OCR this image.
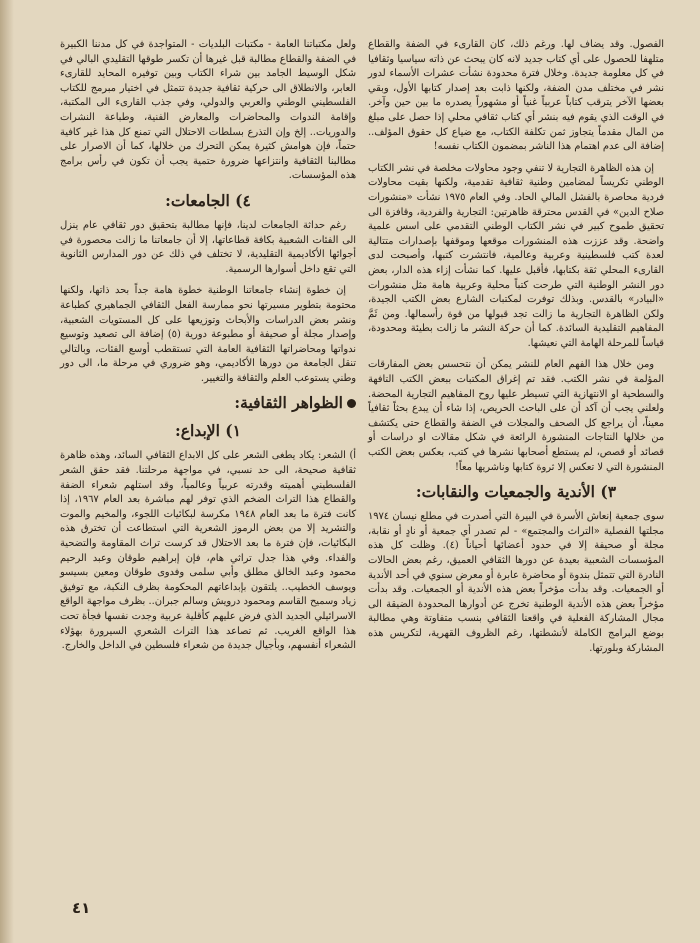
الفصول. وقد يضاف لها. ورغم ذلك، كان القارىء في الضفة والقطاع متلهفا للحصول على أي كتاب جديد لانه كان يبحث عن ذاته سياسيا وثقافيا في كل معلومة جديدة. وخلال فترة محدودة نشأت عشرات الأسماء لدور نشر في مختلف مدن الضفة، ولكنها ذابت بعد إصدار كتابها الأول، وبقي بعضها الآخر يترقب كتاباً عربياً غنياً أو مشهوراً يصدره ما بين حين وآخر. في الوقت الذي يقوم فيه بنشر أي كتاب ثقافي محلي إذا حصل على مبلغ من المال مقدماً يتجاوز ثمن تكلفة الكتاب، مع ضياع كل حقوق المؤلف.. إضافة الى عدم اهتمام هذا الناشر بمضمون الكتاب نفسه!

إن هذه الظاهرة التجارية لا تنفي وجود محاولات مخلصة في نشر الكتاب الوطني تكريساً لمضامين وطنية ثقافية تقدمية، ولكنها بقيت محاولات فردية محاصرة بالفشل المالي الحاد. وفي العام ١٩٧٥ نشأت «منشورات صلاح الدين» في القدس محترقة ظاهرتين: التجارية والفردية، وقافزة الى تحقيق طموح كبير في نشر الكتاب الوطني التقدمي على اسس علمية واضحة. وقد عززت هذه المنشورات موقعها وموقفها بإصدارات متتالية لعدة كتب فلسطينية وعربية وعالمية، فانتشرت كتبها، وأصبحت لدى القارىء المحلي ثقة بكتابها، فأقبل عليها. كما نشأت إزاء هذه الدار، بعض دور النشر الوطنية التي طرحت كتباً محلية وعربية هامة مثل منشورات «البيادر» بالقدس. وبذلك توفرت لمكتبات الشارع بعض الكتب الجيدة، ولكن الظاهرة التجارية ما زالت تجد قبولها من قوة رأسمالها. ومن ثَمَّ المفاهيم التقليدية السائدة. كما أن حركة النشر ما زالت بطيئة ومحدودة، قياساً للمرحلة الهامة التي نعيشها.

ومن خلال هذا الفهم العام للنشر يمكن أن نتحسس بعض المفارقات المؤلمة في نشر الكتب. فقد تم إغراق المكتبات ببعض الكتب التافهة والسطحية او الانتهازية التي تسيطر عليها روح المفاهيم التجارية المحضة. ولعلني يجب أن آكد أن على الباحث الحريص، إذا شاء أن يبدع بحثاً ثقافياً معيناً، أن يراجع كل الصحف والمجلات في الضفة والقطاع حتى يكتشف من خلالها النتاجات المنشورة الرائعة في شكل مقالات او دراسات أو قصائد أو قصص، لم يستطع أصحابها نشرها في كتب، بعكس بعض الكتب المنشورة التي لا تعكس إلا ثروة كتابها وناشريها معاً!

٣) الأندية والجمعيات والنقابات:

سوى جمعية إنعاش الأسرة في البيرة التي أصدرت في مطلع نيسان ١٩٧٤ مجلتها الفصلية «التراث والمجتمع» - لم تصدر أي جمعية أو نادٍ أو نقابة، مجلة أو صحيفة إلا في حدود أعضائها أحياناً (٤). وظلت كل هذه المؤسسات الشعبية بعيدة عن دورها الثقافي العميق، رغم بعض الحالات النادرة التي تتمثل بندوة أو محاضرة عابرة أو معرض سنوي في أحد الأندية أو الجمعيات. وقد بدأت مؤخراً بعض هذه الأندية أو الجمعيات. وقد بدأت مؤخراً بعض هذه الأندية الوطنية تخرج عن أدوارها المحدودة الضيقة الى مجال المشاركة الفعلية في واقعنا الثقافي بنسب متفاوتة وهي مطالبة بوضع البرامج الكاملة لأنشطتها، رغم الظروف القهرية، لتكريس هذه المشاركة وبلورتها.

ولعل مكتباتنا العامة - مكتبات البلديات - المتواجدة في كل مدننا الكبيرة في الضفة والقطاع مطالبة قبل غيرها أن تكسر طوقها التقليدي البالي في شكل الوسيط الجامد بين شراء الكتاب وبين توفيره المحايد للقارىء العابر، والانطلاق الى حركية ثقافية جديدة تتمثل في اختيار مبرمج للكتاب الفلسطيني الوطني والعربي والدولي، وفي جذب القارىء الى المكتبة، وإقامة الندوات والمحاضرات والمعارض الفنية، وطباعة النشرات والدوريات.. إلخ وإن التذرع بسلطات الاحتلال التي تمنع كل هذا غير كافية حتماً، فإن هوامش كثيرة يمكن التحرك من خلالها، كما أن الاصرار على مطالبنا الثقافية وانتزاعها ضرورة حتمية يجب أن تكون في رأس برامج هذه المؤسسات.

٤) الجامعات:

رغم حداثة الجامعات لدينا، فإنها مطالبة بتحقيق دور ثقافي عام ينزل الى الفئات الشعبية بكافة قطاعاتها، إلا أن جامعاتنا ما زالت محصورة في أجوائها الأكاديمية التقليدية، لا تختلف في ذلك عن دور المدارس الثانوية التي تقع داخل أسوارها الرسمية.

إن خطوة إنشاء جامعاتنا الوطنية خطوة هامة جداً بحد ذاتها، ولكنها محتومة بتطوير مسيرتها نحو ممارسة الفعل الثقافي الجماهيري كطباعة ونشر بعض الدراسات والأبحاث وتوزيعها على كل المستويات الشعبية، وإصدار مجلة أو صحيفة أو مطبوعة دورية (٥) إضافة الى تصعيد وتوسيع ندواتها ومحاضراتها الثقافية العامة التي تستقطب أوسع الفئات، وبالتالي تنقل الجامعة من دورها الأكاديمي، وهو ضروري في مرحلة ما، الى دور وطني يستوعب العلم والثقافة والتغيير.

الظواهر الثقافية:
١) الإبداع:

أ) الشعر: يكاد يطغى الشعر على كل الابداع الثقافي السائد، وهذه ظاهرة ثقافية صحيحة، الى حد نسبي، في مواجهة مرحلتنا. فقد حقق الشعر الفلسطيني أهميته وقدرته عربياً وعالمياً، وقد استلهم شعراء الضفة والقطاع هذا التراث الضخم الذي توفر لهم مباشرة بعد العام ١٩٦٧، إذا كانت فترة ما بعد العام ١٩٤٨ مكرسة لبكائيات اللجوء، والمخيم والموت والتشريد إلا من بعض الرموز الشعرية التي استطاعت أن تخترق هذه البكائيات، فإن فترة ما بعد الاحتلال قد كرست تراث المقاومة والتضحية والفداء. وفي هذا جدل تراثي هام، فإن إبراهيم طوقان وعبد الرحيم محمود وعبد الخالق مطلق وأبي سلمى وفدوى طوقان ومعين بسيسو ويوسف الخطيب.. يلتقون بإبداعاتهم المحكومة بظرف النكبة، مع توفيق زياد وسميح القاسم ومحمود درويش وسالم جبران.. بظرف مواجهة الواقع الاسرائيلي الجديد الذي فرض عليهم كأقلية عربية وجدت نفسها فجأة تحت هذا الواقع الغريب. ثم تصاعد هذا التراث الشعري السيرورة بهؤلاء الشعراء أنفسهم، وبأجيال جديدة من شعراء فلسطين في الداخل والخارج.

٤١
